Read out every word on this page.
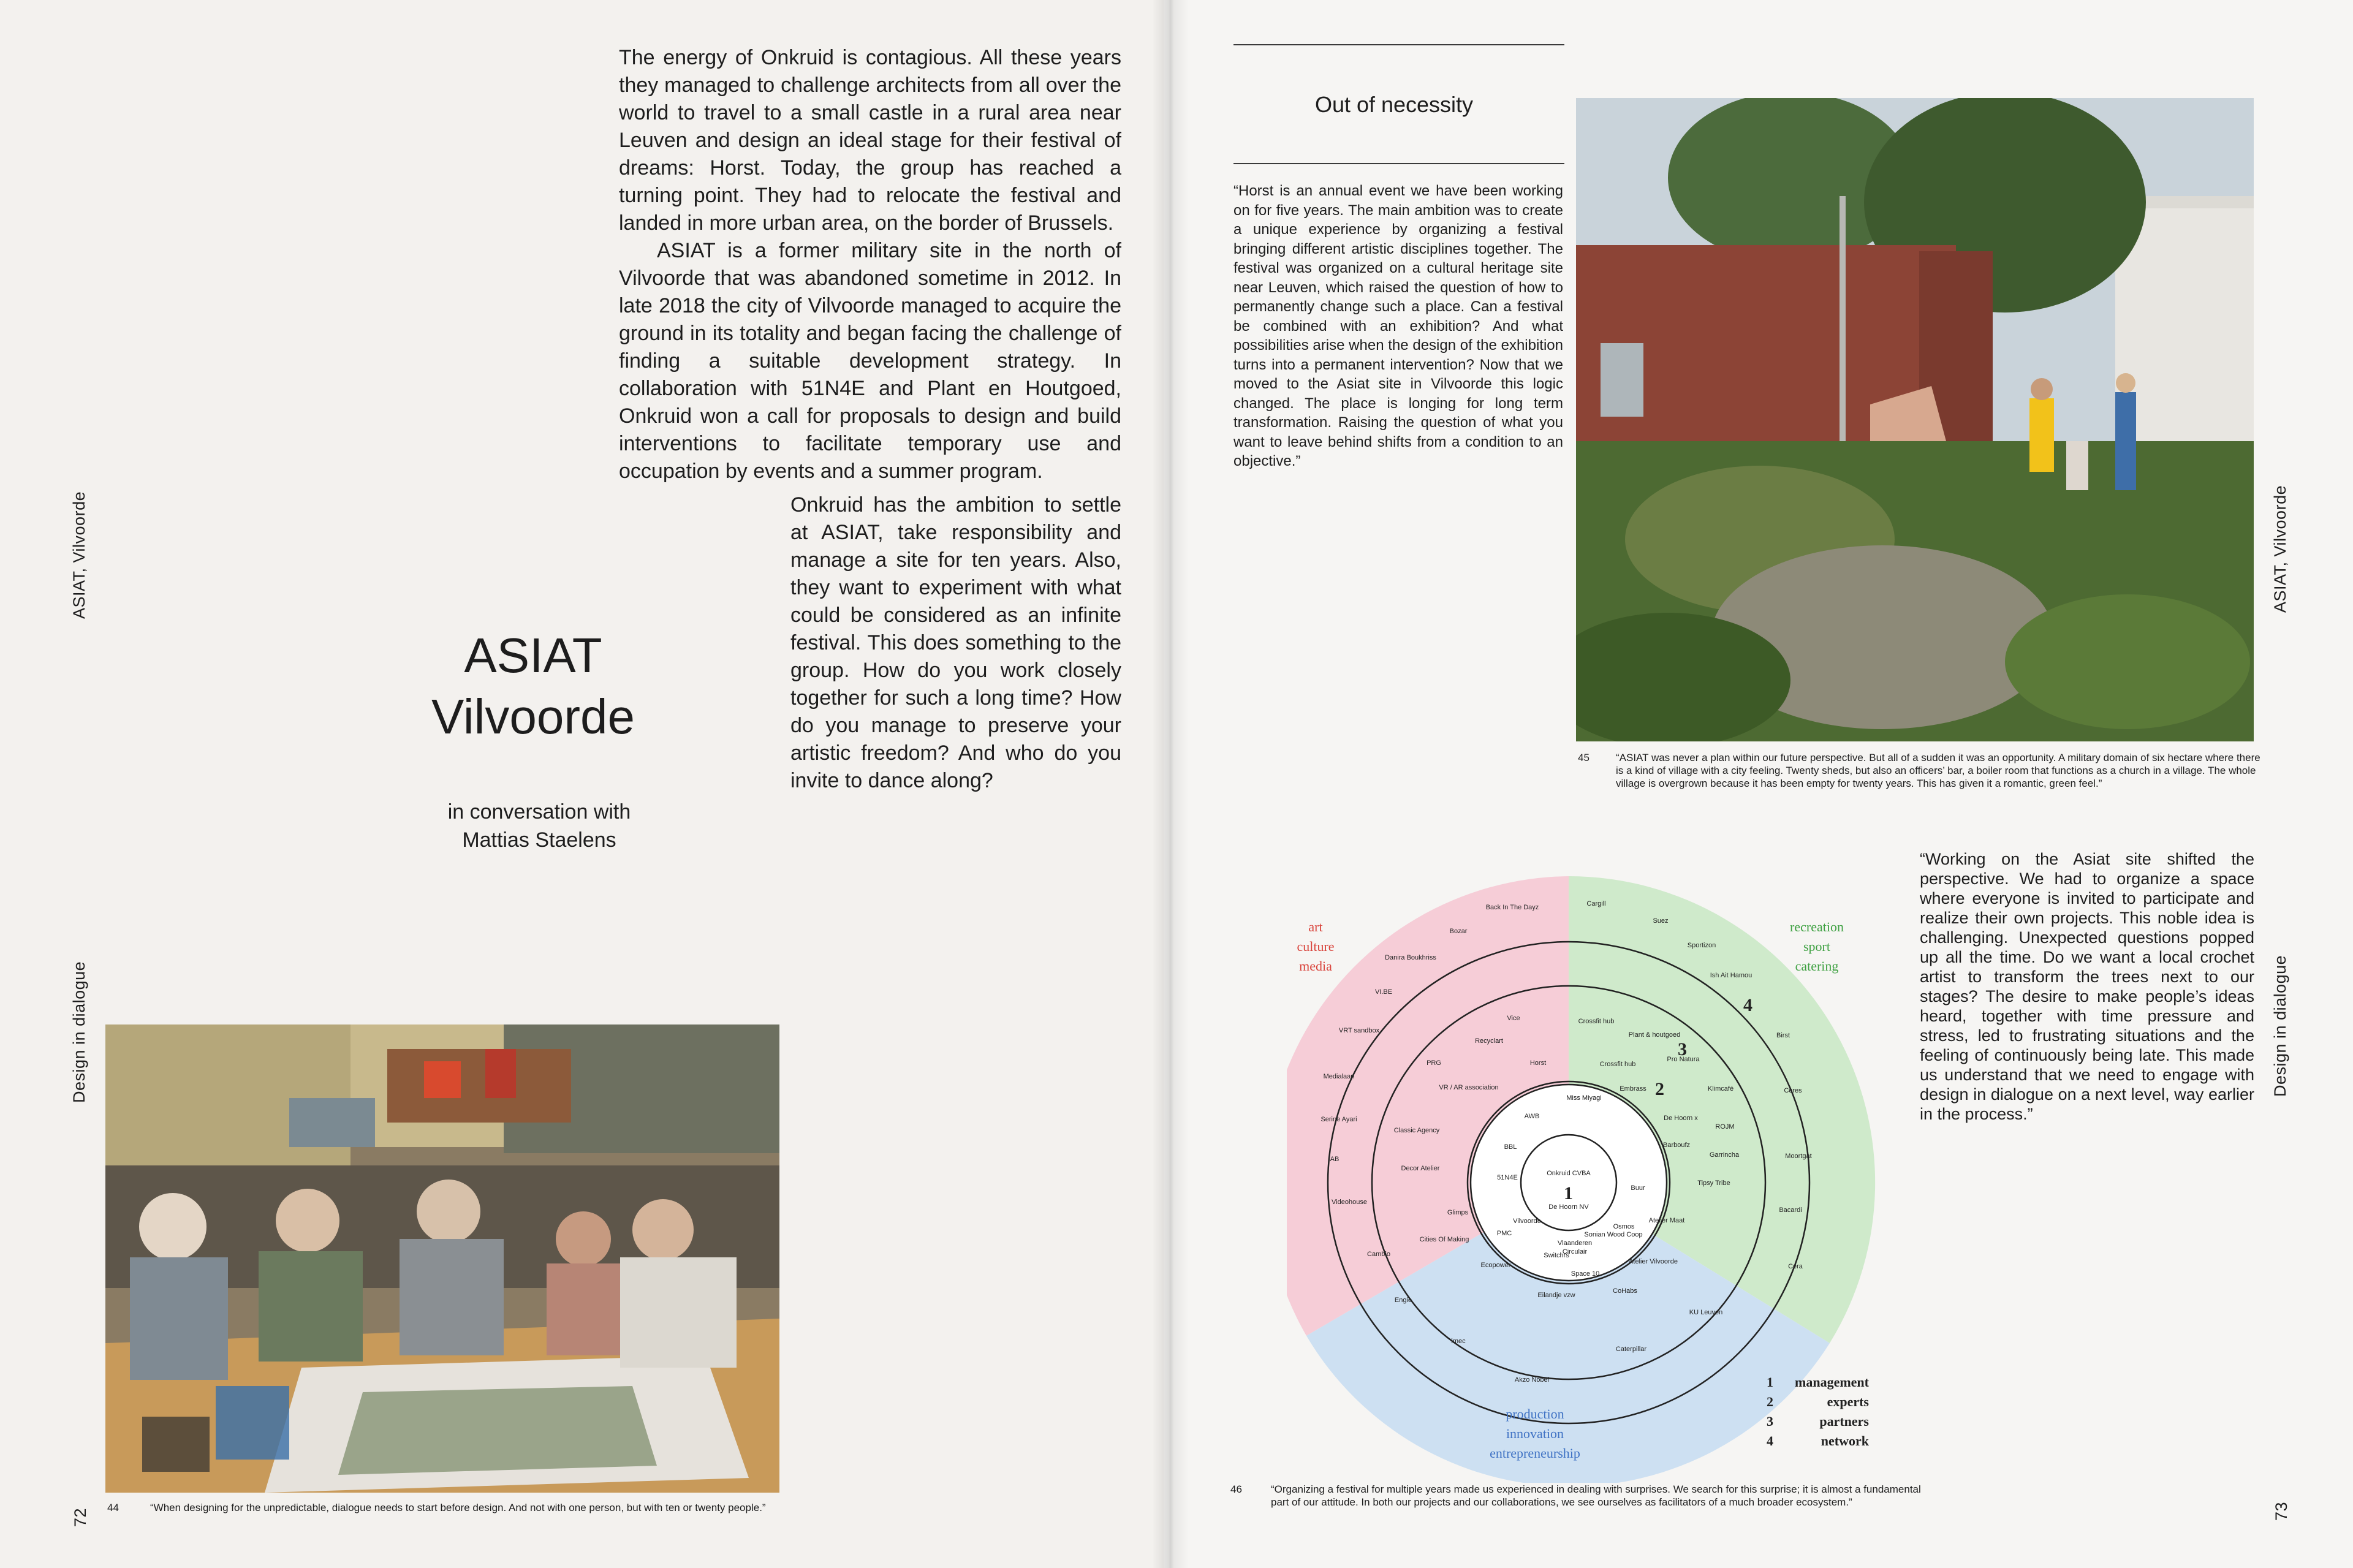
ASIAT, Vilvoorde
Design in dialogue
72

The energy of Onkruid is contagious. All these years they managed to challenge architects from all over the world to travel to a small castle in a rural area near Leuven and design an ideal stage for their festival of dreams: Horst. Today, the group has reached a turning point. They had to relocate the festival and landed in more urban area, on the border of Brussels.

ASIAT is a former military site in the north of Vilvoorde that was abandoned sometime in 2012. In late 2018 the city of Vilvoorde managed to acquire the ground in its totality and began facing the challenge of finding a suitable development strategy. In collaboration with 51N4E and Plant en Houtgoed, Onkruid won a call for proposals to design and build interventions to facilitate temporary use and occupation by events and a summer program.

Onkruid has the ambition to settle at ASIAT, take responsibility and manage a site for ten years. Also, they want to experiment with what could be considered as an infinite festival. This does something to the group. How do you work closely together for such a long time? How do you manage to preserve your artistic freedom? And who do you invite to dance along?

ASIAT
Vilvoorde
in conversation with
Mattias Staelens
44	“When designing for the unpredictable, dialogue needs to start before design. And not with one person, but with ten or twenty people.”
Out of necessity
“Horst is an annual event we have been working on for five years. The main ambition was to create a unique experience by organizing a festival bringing different artistic disciplines together. The festival was organized on a cultural heritage site near Leuven, which raised the question of how to permanently change such a place. Can a festival be combined with an exhibition? And what possibilities arise when the design of the exhibition turns into a permanent intervention? Now that we moved to the Asiat site in Vilvoorde this logic changed. The place is longing for long term transformation. Raising the question of what you want to leave behind shifts from a condition to an objective.”
45	“ASIAT was never a plan within our future perspective. But all of a sudden it was an opportunity. A military domain of six hectare where there is a kind of village with a city feeling. Twenty sheds, but also an officers’ bar, a boiler room that functions as a church in a village. The whole village is overgrown because it has been empty for twenty years. This has given it a romantic, green feel.”
“Working on the Asiat site shifted the perspective. We had to organize a space where everyone is invited to participate and realize their own projects. This noble idea is challenging. Unexpected questions popped up all the time. Do we want a local crochet artist to transform the trees next to our stages? The desire to make people’s ideas heard, together with time pressure and stress, led to frustrating situations and the feeling of continuously being late. This made us understand that we need to engage with design in dialogue on a next level, way earlier in the process.”
ASIAT, Vilvoorde
Design in dialogue
73
1
2
3
4
Onkruid CVBA
De Hoorn NV
Miss Miyagi
AWB
BBL
51N4E
Vilvoorde
Vlaanderen
Circulair
Osmos
Buur
Crossfit hub
Plant & houtgoed
Pro Natura
Crossfit hub
Embrass	Klimcafé
De Hoorn x
ROJM
Barboufz
Garrincha
Tipsy Tribe
Vice
Recyclart
Horst
PRG
VR / AR association
Classic Agency
Decor Atelier
Glimps
Cities Of Making
PMC
Switchrs
Ecopower
Space 10
Eilandje vzw
Sonian Wood Coop
Atelier Maat
Atelier Vilvoorde
CoHabs
Back In The Dayz
Bozar
Danira Boukhriss
VI.BE
VRT sandbox
Medialaan
Serine Ayari
AB
Videohouse
Cambio
Engie
imec
Akzo Nobel
Caterpillar
KU Leuven
Cera
Bacardi
Moortgat
Ceres
Birst
Ish Ait Hamou
Sportizon
Suez
Cargill
art
culture
media
recreation
sport
catering
production
innovation
entrepreneurship
1 management
2	experts
3	partners
4	network
46	“Organizing a festival for multiple years made us experienced in dealing with surprises. We search for this surprise; it is almost a fundamental part of our attitude. In both our projects and our collaborations, we see ourselves as facilitators of a much broader ecosystem.”
